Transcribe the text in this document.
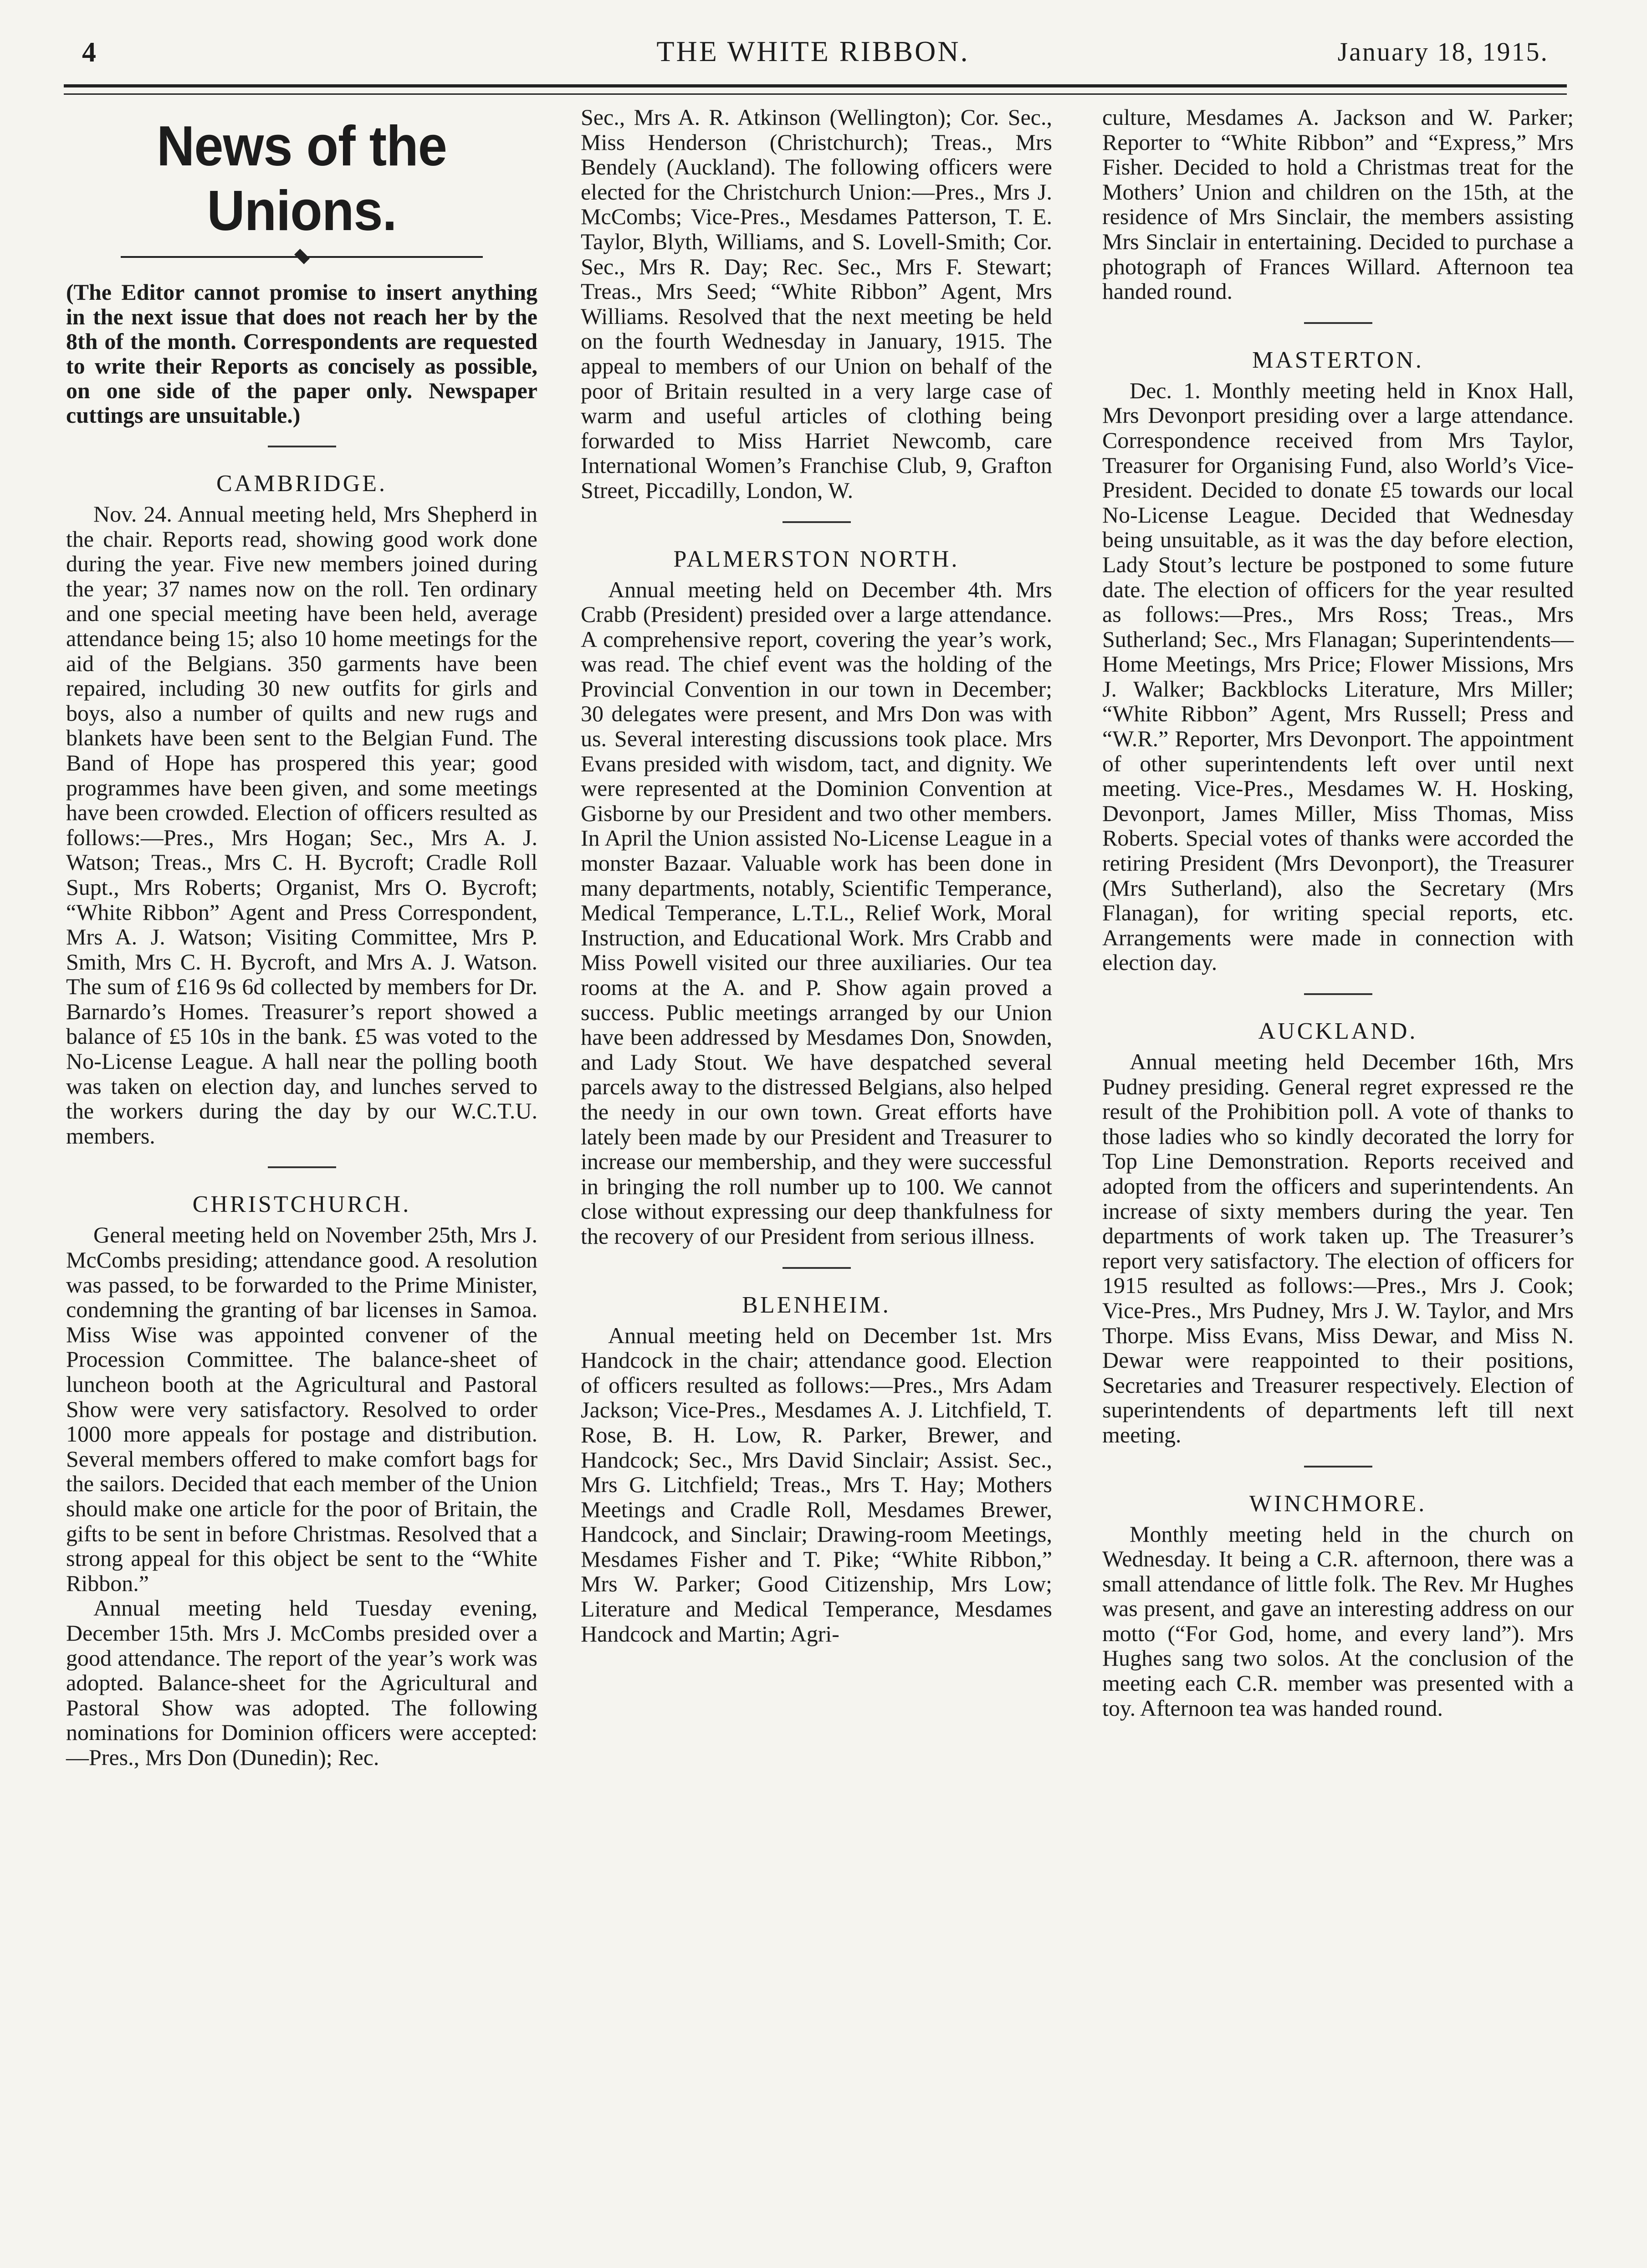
4	THE WHITE RIBBON.	January 18, 1915.
News of the Unions.

(The Editor cannot promise to insert anything in the next issue that does not reach her by the 8th of the month. Correspondents are requested to write their Reports as concisely as possible, on one side of the paper only. Newspaper cuttings are unsuitable.)

CAMBRIDGE.

Nov. 24. Annual meeting held, Mrs Shepherd in the chair. Reports read, showing good work done during the year. Five new members joined during the year; 37 names now on the roll. Ten ordinary and one special meeting have been held, average attendance being 15; also 10 home meetings for the aid of the Belgians. 350 garments have been repaired, including 30 new outfits for girls and boys, also a number of quilts and new rugs and blankets have been sent to the Belgian Fund. The Band of Hope has prospered this year; good programmes have been given, and some meetings have been crowded. Election of officers resulted as follows:—Pres., Mrs Hogan; Sec., Mrs A. J. Watson; Treas., Mrs C. H. Bycroft; Cradle Roll Supt., Mrs Roberts; Organist, Mrs O. Bycroft; “White Ribbon” Agent and Press Correspondent, Mrs A. J. Watson; Visiting Committee, Mrs P. Smith, Mrs C. H. Bycroft, and Mrs A. J. Watson. The sum of £16 9s 6d collected by members for Dr. Barnardo’s Homes. Treasurer’s report showed a balance of £5 10s in the bank. £5 was voted to the No-License League. A hall near the polling booth was taken on election day, and lunches served to the workers during the day by our W.C.T.U. members.

CHRISTCHURCH.

General meeting held on November 25th, Mrs J. McCombs presiding; attendance good. A resolution was passed, to be forwarded to the Prime Minister, condemning the granting of bar licenses in Samoa. Miss Wise was appointed convener of the Procession Committee. The balance-sheet of luncheon booth at the Agricultural and Pastoral Show were very satisfactory. Resolved to order 1000 more appeals for postage and distribution. Several members offered to make comfort bags for the sailors. Decided that each member of the Union should make one article for the poor of Britain, the gifts to be sent in before Christmas. Resolved that a strong appeal for this object be sent to the “White Ribbon.”

Annual meeting held Tuesday evening, December 15th. Mrs J. McCombs presided over a good attendance. The report of the year’s work was adopted. Balance-sheet for the Agricultural and Pastoral Show was adopted. The following nominations for Dominion officers were accepted:—Pres., Mrs Don (Dunedin); Rec.

Sec., Mrs A. R. Atkinson (Wellington); Cor. Sec., Miss Henderson (Christchurch); Treas., Mrs Bendely (Auckland). The following officers were elected for the Christchurch Union:—Pres., Mrs J. McCombs; Vice-Pres., Mesdames Patterson, T. E. Taylor, Blyth, Williams, and S. Lovell-Smith; Cor. Sec., Mrs R. Day; Rec. Sec., Mrs F. Stewart; Treas., Mrs Seed; “White Ribbon” Agent, Mrs Williams. Resolved that the next meeting be held on the fourth Wednesday in January, 1915. The appeal to members of our Union on behalf of the poor of Britain resulted in a very large case of warm and useful articles of clothing being forwarded to Miss Harriet Newcomb, care International Women’s Franchise Club, 9, Grafton Street, Piccadilly, London, W.

PALMERSTON NORTH.

Annual meeting held on December 4th. Mrs Crabb (President) presided over a large attendance. A comprehensive report, covering the year’s work, was read. The chief event was the holding of the Provincial Convention in our town in December; 30 delegates were present, and Mrs Don was with us. Several interesting discussions took place. Mrs Evans presided with wisdom, tact, and dignity. We were represented at the Dominion Convention at Gisborne by our President and two other members. In April the Union assisted No-License League in a monster Bazaar. Valuable work has been done in many departments, notably, Scientific Temperance, Medical Temperance, L.T.L., Relief Work, Moral Instruction, and Educational Work. Mrs Crabb and Miss Powell visited our three auxiliaries. Our tea rooms at the A. and P. Show again proved a success. Public meetings arranged by our Union have been addressed by Mesdames Don, Snowden, and Lady Stout. We have despatched several parcels away to the distressed Belgians, also helped the needy in our own town. Great efforts have lately been made by our President and Treasurer to increase our membership, and they were successful in bringing the roll number up to 100. We cannot close without expressing our deep thankfulness for the recovery of our President from serious illness.

BLENHEIM.

Annual meeting held on December 1st. Mrs Handcock in the chair; attendance good. Election of officers resulted as follows:—Pres., Mrs Adam Jackson; Vice-Pres., Mesdames A. J. Litchfield, T. Rose, B. H. Low, R. Parker, Brewer, and Handcock; Sec., Mrs David Sinclair; Assist. Sec., Mrs G. Litchfield; Treas., Mrs T. Hay; Mothers Meetings and Cradle Roll, Mesdames Brewer, Handcock, and Sinclair; Drawing-room Meetings, Mesdames Fisher and T. Pike; “White Ribbon,” Mrs W. Parker; Good Citizenship, Mrs Low; Literature and Medical Temperance, Mesdames Handcock and Martin; Agri-

culture, Mesdames A. Jackson and W. Parker; Reporter to “White Ribbon” and “Express,” Mrs Fisher. Decided to hold a Christmas treat for the Mothers’ Union and children on the 15th, at the residence of Mrs Sinclair, the members assisting Mrs Sinclair in entertaining. Decided to purchase a photograph of Frances Willard. Afternoon tea handed round.

MASTERTON.

Dec. 1. Monthly meeting held in Knox Hall, Mrs Devonport presiding over a large attendance. Correspondence received from Mrs Taylor, Treasurer for Organising Fund, also World’s Vice-President. Decided to donate £5 towards our local No-License League. Decided that Wednesday being unsuitable, as it was the day before election, Lady Stout’s lecture be postponed to some future date. The election of officers for the year resulted as follows:—Pres., Mrs Ross; Treas., Mrs Sutherland; Sec., Mrs Flanagan; Superintendents—Home Meetings, Mrs Price; Flower Missions, Mrs J. Walker; Backblocks Literature, Mrs Miller; “White Ribbon” Agent, Mrs Russell; Press and “W.R.” Reporter, Mrs Devonport. The appointment of other superintendents left over until next meeting. Vice-Pres., Mesdames W. H. Hosking, Devonport, James Miller, Miss Thomas, Miss Roberts. Special votes of thanks were accorded the retiring President (Mrs Devonport), the Treasurer (Mrs Sutherland), also the Secretary (Mrs Flanagan), for writing special reports, etc. Arrangements were made in connection with election day.

AUCKLAND.

Annual meeting held December 16th, Mrs Pudney presiding. General regret expressed re the result of the Prohibition poll. A vote of thanks to those ladies who so kindly decorated the lorry for Top Line Demonstration. Reports received and adopted from the officers and superintendents. An increase of sixty members during the year. Ten departments of work taken up. The Treasurer’s report very satisfactory. The election of officers for 1915 resulted as follows:—Pres., Mrs J. Cook; Vice-Pres., Mrs Pudney, Mrs J. W. Taylor, and Mrs Thorpe. Miss Evans, Miss Dewar, and Miss N. Dewar were reappointed to their positions, Secretaries and Treasurer respectively. Election of superintendents of departments left till next meeting.

WINCHMORE.

Monthly meeting held in the church on Wednesday. It being a C.R. afternoon, there was a small attendance of little folk. The Rev. Mr Hughes was present, and gave an interesting address on our motto (“For God, home, and every land”). Mrs Hughes sang two solos. At the conclusion of the meeting each C.R. member was presented with a toy. Afternoon tea was handed round.
